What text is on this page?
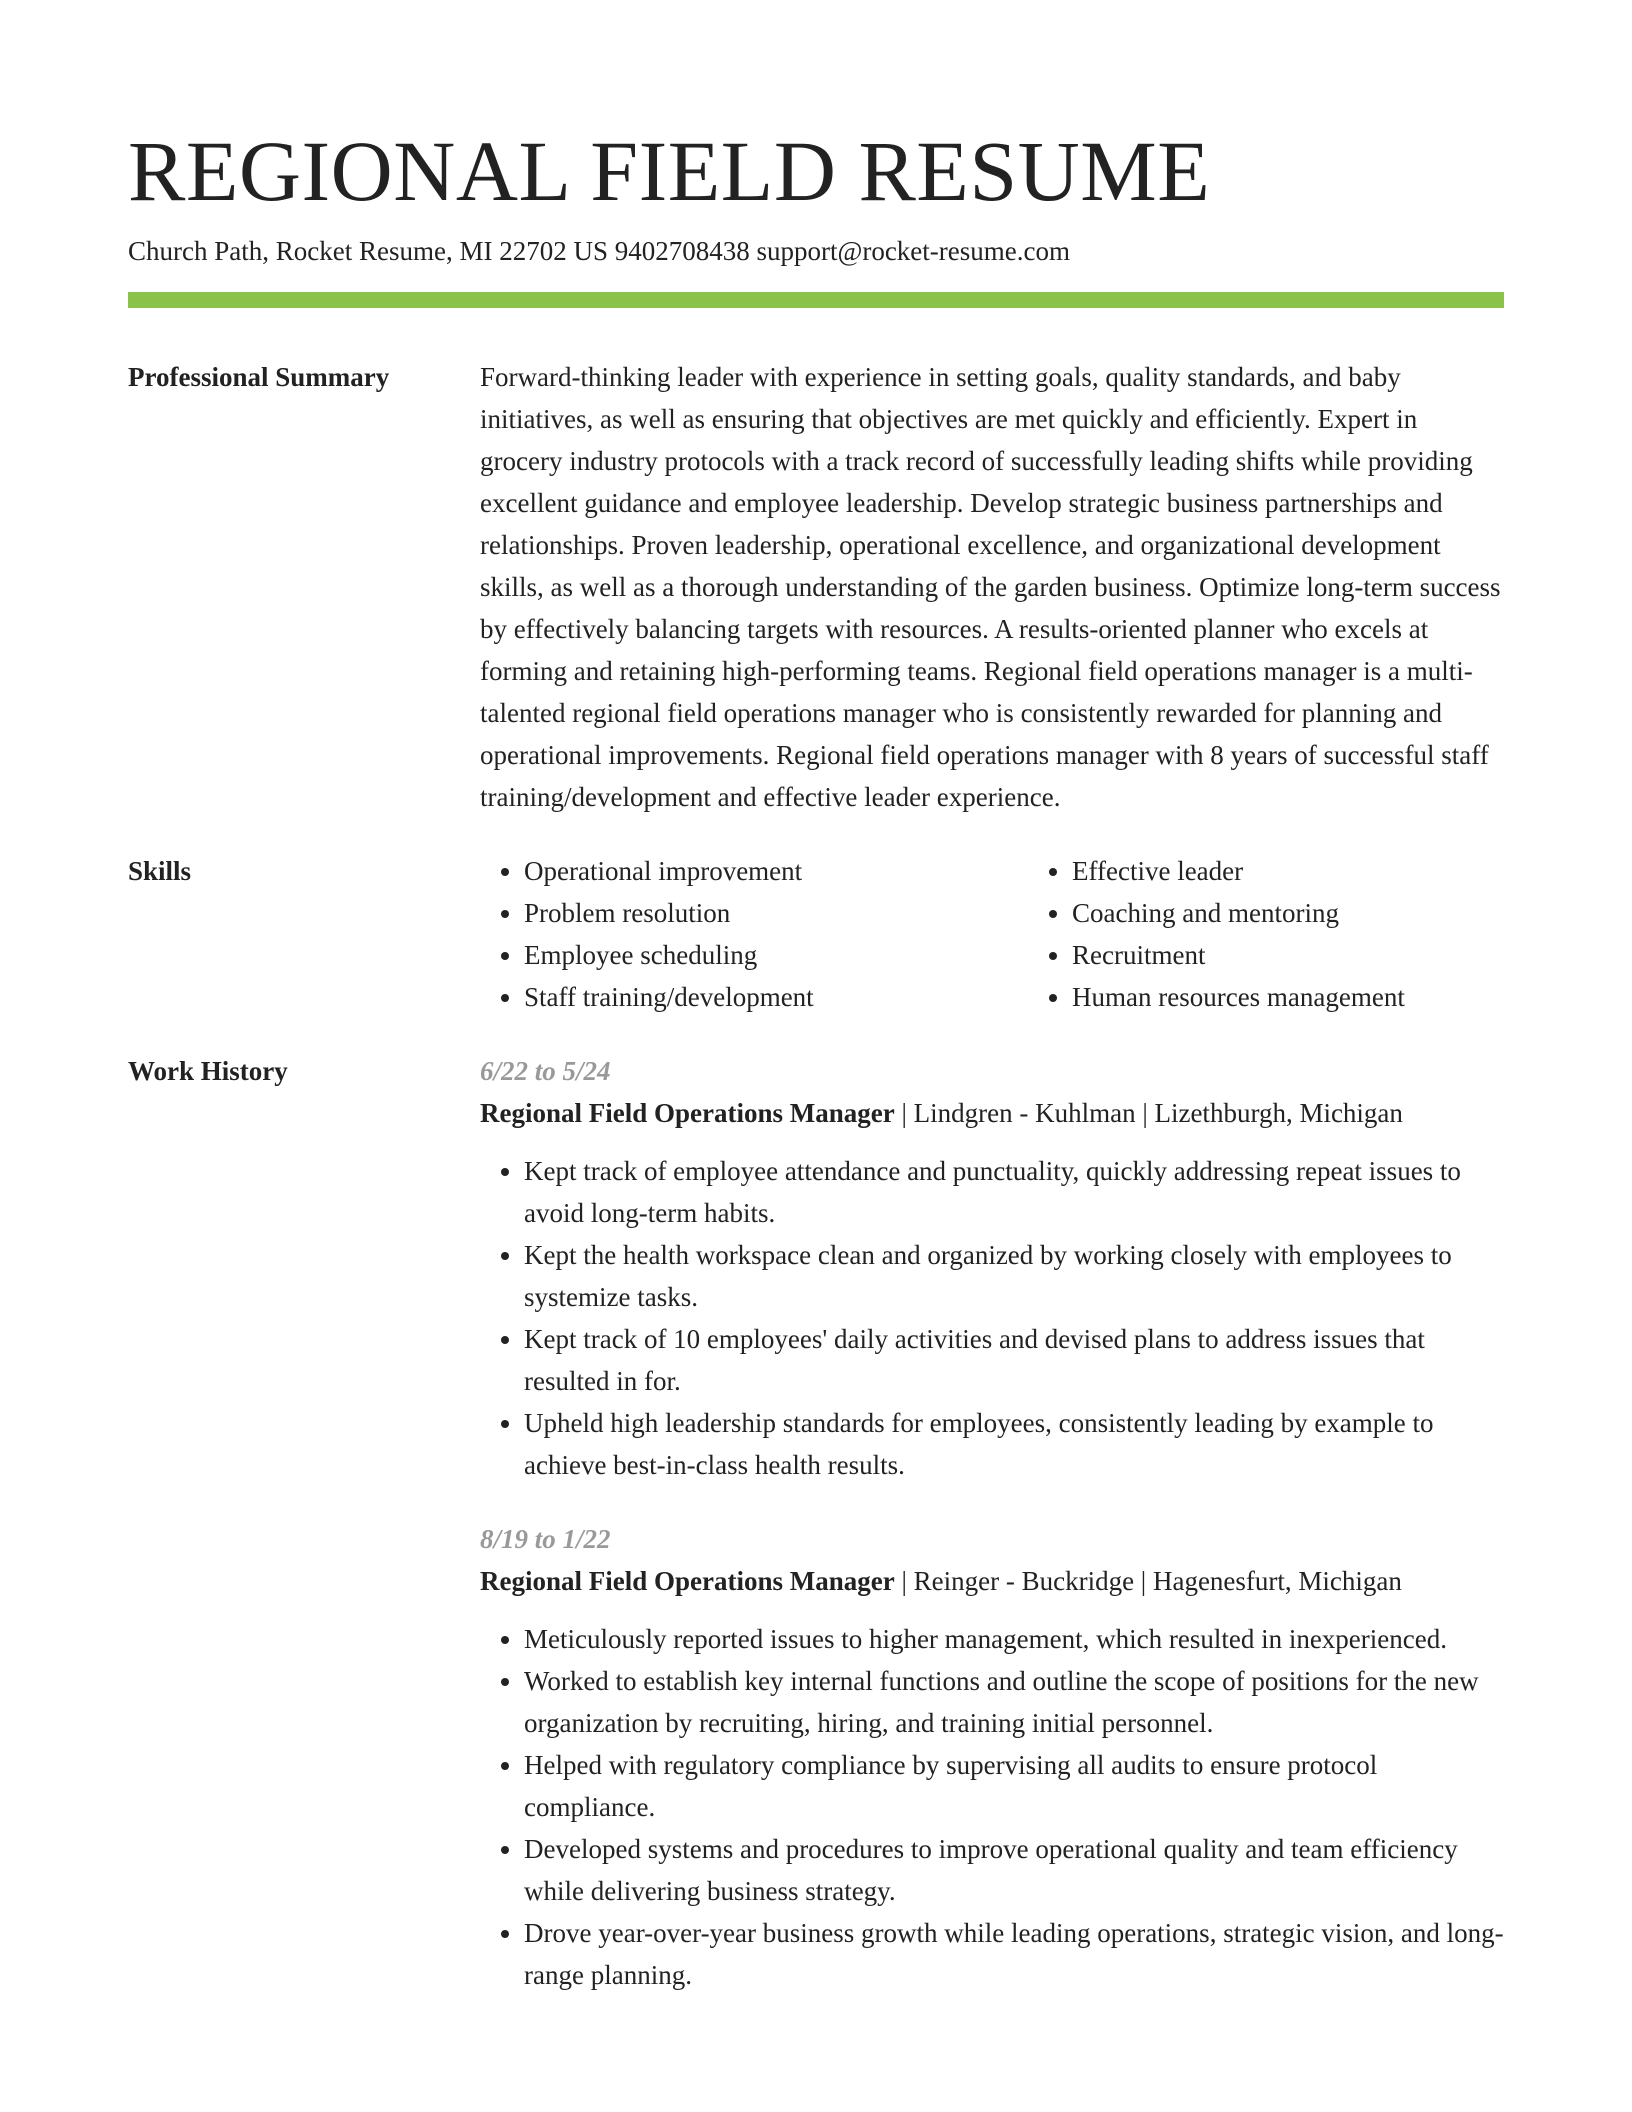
REGIONAL FIELD RESUME
Church Path, Rocket Resume, MI 22702 US 9402708438 support@rocket-resume.com
Professional Summary	Forward-thinking leader with experience in setting goals, quality standards, and baby initiatives, as well as ensuring that objectives are met quickly and efficiently. Expert in grocery industry protocols with a track record of successfully leading shifts while providing excellent guidance and employee leadership. Develop strategic business partnerships and relationships. Proven leadership, operational excellence, and organizational development skills, as well as a thorough understanding of the garden business. Optimize long-term success by effectively balancing targets with resources. A results-oriented planner who excels at forming and retaining high-performing teams. Regional field operations manager is a multi-talented regional field operations manager who is consistently rewarded for planning and operational improvements. Regional field operations manager with 8 years of successful staff training/development and effective leader experience.
Skills
•	Operational improvement
• Problem resolution
• Employee scheduling
• Staff training/development
• Effective leader
• Coaching and mentoring
• Recruitment
• Human resources management
Work History	6/22 to 5/24
Regional Field Operations Manager | Lindgren - Kuhlman | Lizethburgh, Michigan
• Kept track of employee attendance and punctuality, quickly addressing repeat issues to avoid long-term habits.
• Kept the health workspace clean and organized by working closely with employees to systemize tasks.
• Kept track of 10 employees' daily activities and devised plans to address issues that resulted in for.
• Upheld high leadership standards for employees, consistently leading by example to achieve best-in-class health results.
8/19 to 1/22
Regional Field Operations Manager | Reinger - Buckridge | Hagenesfurt, Michigan
• Meticulously reported issues to higher management, which resulted in inexperienced.
• Worked to establish key internal functions and outline the scope of positions for the new organization by recruiting, hiring, and training initial personnel.
• Helped with regulatory compliance by supervising all audits to ensure protocol compliance.
• Developed systems and procedures to improve operational quality and team efficiency while delivering business strategy.
• Drove year-over-year business growth while leading operations, strategic vision, and long-range planning.
